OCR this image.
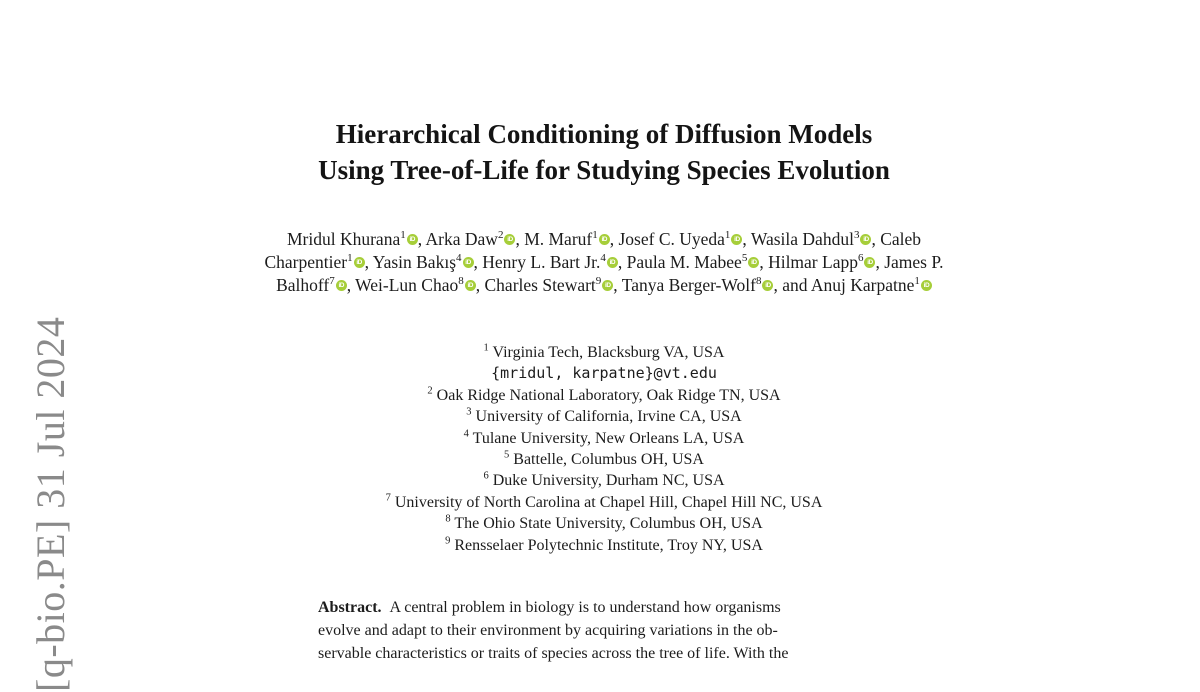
[q-bio.PE] 31 Jul 2024
Hierarchical Conditioning of Diffusion Models
Using Tree-of-Life for Studying Species Evolution
Mridul Khurana$^1$ iD , Arka Daw$^2$ iD , M. Maruf$^1$ iD , Josef C. Uyeda$^1$ iD , Wasila Dahdul$^3$ iD , Caleb Charpentier$^1$ iD , Yasin Bakış$^4$ iD , Henry L. Bart Jr.$^4$ iD , Paula M. Mabee$^5$ iD , Hilmar Lapp$^6$ iD , James P. Balhoff$^7$ iD , Wei-Lun Chao$^8$ iD , Charles Stewart$^9$ iD , Tanya Berger-Wolf$^8$ iD , and Anuj Karpatne$^1$ iD
$^1$ Virginia Tech, Blacksburg VA, USA
{mridul, karpatne}@vt.edu
$^2$ Oak Ridge National Laboratory, Oak Ridge TN, USA
$^3$ University of California, Irvine CA, USA
$^4$ Tulane University, New Orleans LA, USA
$^5$ Battelle, Columbus OH, USA
$^6$ Duke University, Durham NC, USA
$^7$ University of North Carolina at Chapel Hill, Chapel Hill NC, USA
$^8$ The Ohio State University, Columbus OH, USA
$^9$ Rensselaer Polytechnic Institute, Troy NY, USA
Abstract. A central problem in biology is to understand how organisms
evolve and adapt to their environment by acquiring variations in the ob-
servable characteristics or traits of species across the tree of life. With the
